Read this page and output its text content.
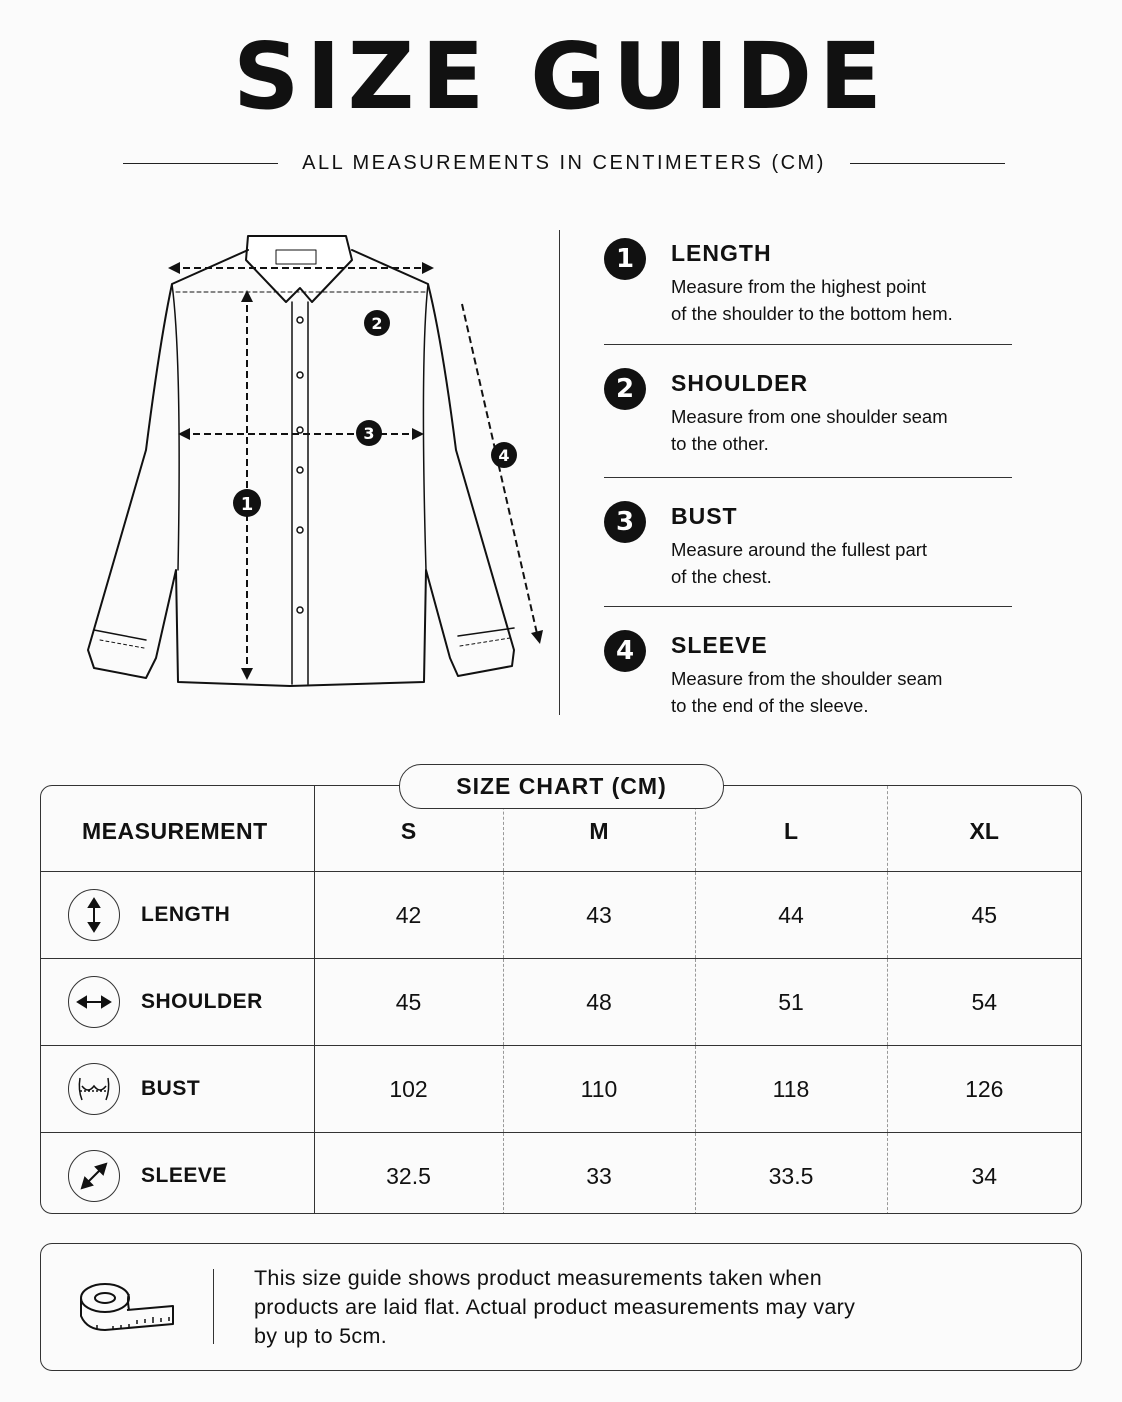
SIZE GUIDE
ALL MEASUREMENTS IN CENTIMETERS (CM)
1
2
3
4
1	LENGTH
Measure from the highest point
of the shoulder to the bottom hem.
2	SHOULDER
Measure from one shoulder seam
to the other.
3	BUST
Measure around the fullest part
of the chest.
4	SLEEVE
Measure from the shoulder seam
to the end of the sleeve.
MEASUREMENT	S	M	L	XL

LENGTH	42	43	44	45

SHOULDER	45	48	51	54

BUST	102	110	118	126

SLEEVE	32.5	33	33.5	34
SIZE CHART (CM)
This size guide shows product measurements taken when
products are laid flat. Actual product measurements may vary
by up to 5cm.
